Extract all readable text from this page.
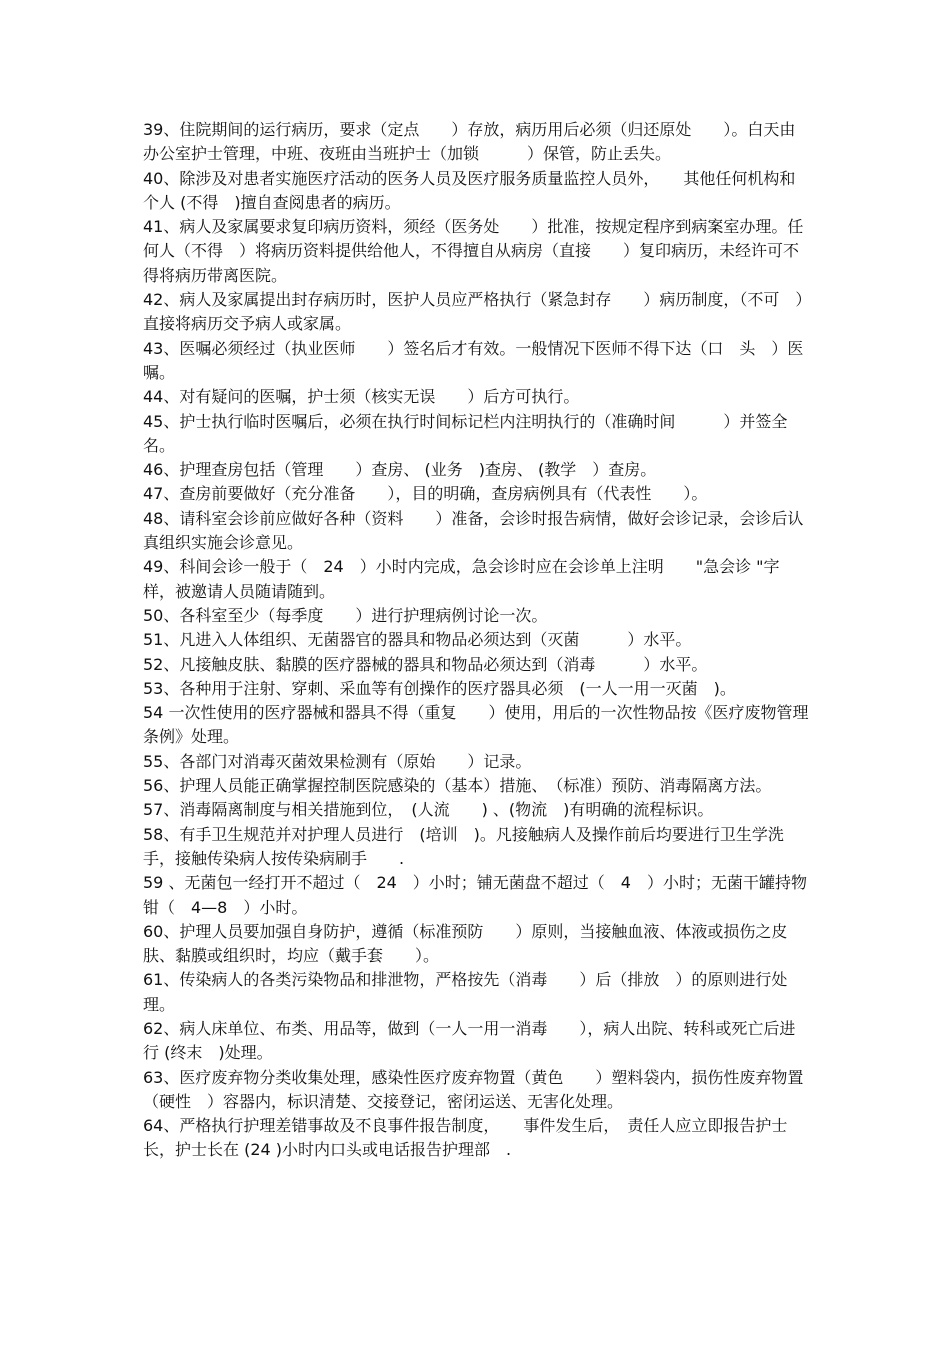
39、住院期间的运行病历，要求（定点　　）存放，病历用后必须（归还原处　　）。白天由办公室护士管理，中班、夜班由当班护士（加锁　　　）保管，防止丢失。

40、除涉及对患者实施医疗活动的医务人员及医疗服务质量监控人员外，　　其他任何机构和个人 (不得　)擅自查阅患者的病历。

41、病人及家属要求复印病历资料，须经（医务处　　）批准，按规定程序到病案室办理。任何人（不得　）将病历资料提供给他人，不得擅自从病房（直接　　）复印病历，未经许可不得将病历带离医院。

42、病人及家属提出封存病历时，医护人员应严格执行（紧急封存　　）病历制度，（不可　）直接将病历交予病人或家属。

43、医嘱必须经过（执业医师　　）签名后才有效。一般情况下医师不得下达（口　头　）医嘱。

44、对有疑问的医嘱，护士须（核实无误　　）后方可执行。

45、护士执行临时医嘱后，必须在执行时间标记栏内注明执行的（准确时间　　　）并签全名。

46、护理查房包括（管理　　）查房、 (业务　)查房、 (教学　）查房。

47、查房前要做好（充分准备　　），目的明确，查房病例具有（代表性　　）。

48、请科室会诊前应做好各种（资料　　）准备，会诊时报告病情，做好会诊记录，会诊后认真组织实施会诊意见。

49、科间会诊一般于（　24　）小时内完成，急会诊时应在会诊单上注明　　"急会诊 "字样，被邀请人员随请随到。

50、各科室至少（每季度　　）进行护理病例讨论一次。

51、凡进入人体组织、无菌器官的器具和物品必须达到（灭菌　　　）水平。

52、凡接触皮肤、黏膜的医疗器械的器具和物品必须达到（消毒　　　）水平。

53、各种用于注射、穿刺、采血等有创操作的医疗器具必须　(一人一用一灭菌　)。

54 一次性使用的医疗器械和器具不得（重复　　）使用，用后的一次性物品按《医疗废物管理条例》处理。

55、各部门对消毒灭菌效果检测有（原始　　）记录。

56、护理人员能正确掌握控制医院感染的（基本）措施、　（标准）预防、消毒隔离方法。

57、消毒隔离制度与相关措施到位，　(人流　　) 、(物流　)有明确的流程标识。

58、有手卫生规范并对护理人员进行　(培训　)。凡接触病人及操作前后均要进行卫生学洗手，接触传染病人按传染病刷手　　.

59 、无菌包一经打开不超过（　24　）小时；铺无菌盘不超过（　4　）小时；无菌干罐持物钳（　4—8　）小时。

60、护理人员要加强自身防护，遵循（标准预防　　）原则，当接触血液、体液或损伤之皮肤、黏膜或组织时，均应（戴手套　　）。

61、传染病人的各类污染物品和排泄物，严格按先（消毒　　）后（排放　）的原则进行处理。

62、病人床单位、布类、用品等，做到（一人一用一消毒　　），病人出院、转科或死亡后进行 (终末　)处理。

63、医疗废弃物分类收集处理，感染性医疗废弃物置（黄色　　）塑料袋内，损伤性废弃物置（硬性　）容器内，标识清楚、交接登记，密闭运送、无害化处理。

64、严格执行护理差错事故及不良事件报告制度，　　事件发生后，　责任人应立即报告护士长，护士长在 (24 )小时内口头或电话报告护理部　.
